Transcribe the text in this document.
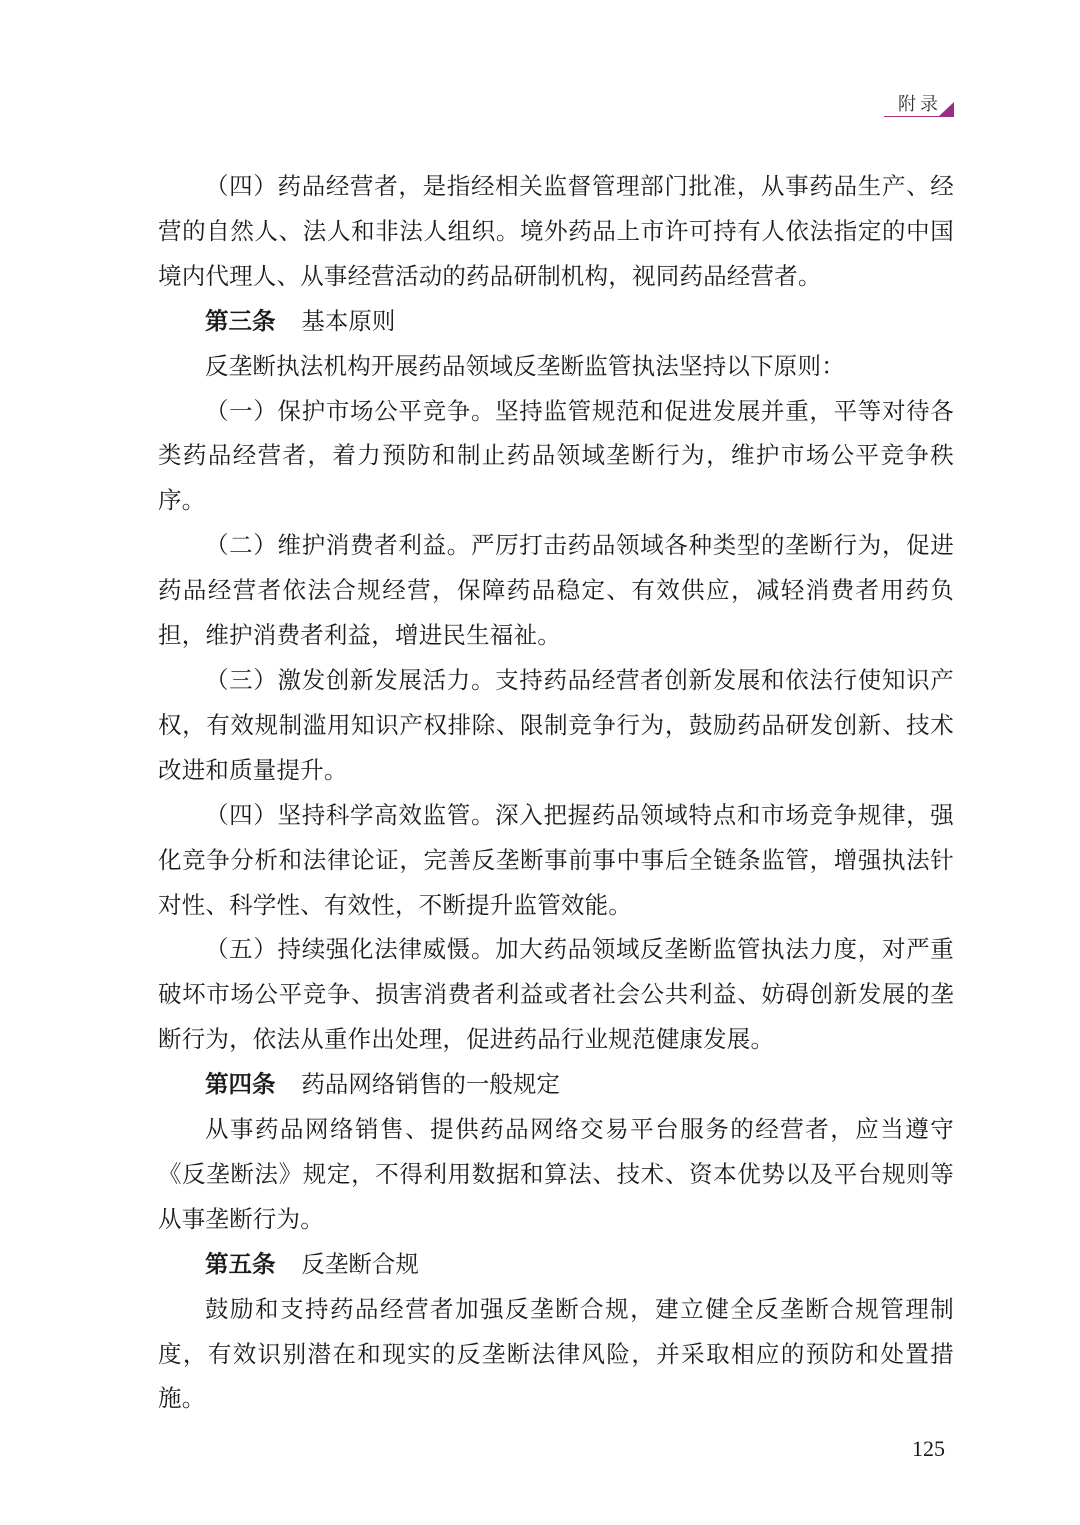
附录

（四）药品经营者，是指经相关监督管理部门批准，从事药品生产、经营的自然人、法人和非法人组织。境外药品上市许可持有人依法指定的中国境内代理人、从事经营活动的药品研制机构，视同药品经营者。

第三条 基本原则

反垄断执法机构开展药品领域反垄断监管执法坚持以下原则：

（一）保护市场公平竞争。坚持监管规范和促进发展并重，平等对待各类药品经营者，着力预防和制止药品领域垄断行为，维护市场公平竞争秩序。

（二）维护消费者利益。严厉打击药品领域各种类型的垄断行为，促进药品经营者依法合规经营，保障药品稳定、有效供应，减轻消费者用药负担，维护消费者利益，增进民生福祉。

（三）激发创新发展活力。支持药品经营者创新发展和依法行使知识产权，有效规制滥用知识产权排除、限制竞争行为，鼓励药品研发创新、技术改进和质量提升。

（四）坚持科学高效监管。深入把握药品领域特点和市场竞争规律，强化竞争分析和法律论证，完善反垄断事前事中事后全链条监管，增强执法针对性、科学性、有效性，不断提升监管效能。

（五）持续强化法律威慑。加大药品领域反垄断监管执法力度，对严重破坏市场公平竞争、损害消费者利益或者社会公共利益、妨碍创新发展的垄断行为，依法从重作出处理，促进药品行业规范健康发展。

第四条 药品网络销售的一般规定

从事药品网络销售、提供药品网络交易平台服务的经营者，应当遵守《反垄断法》规定，不得利用数据和算法、技术、资本优势以及平台规则等从事垄断行为。

第五条 反垄断合规

鼓励和支持药品经营者加强反垄断合规，建立健全反垄断合规管理制度，有效识别潜在和现实的反垄断法律风险，并采取相应的预防和处置措施。

125
